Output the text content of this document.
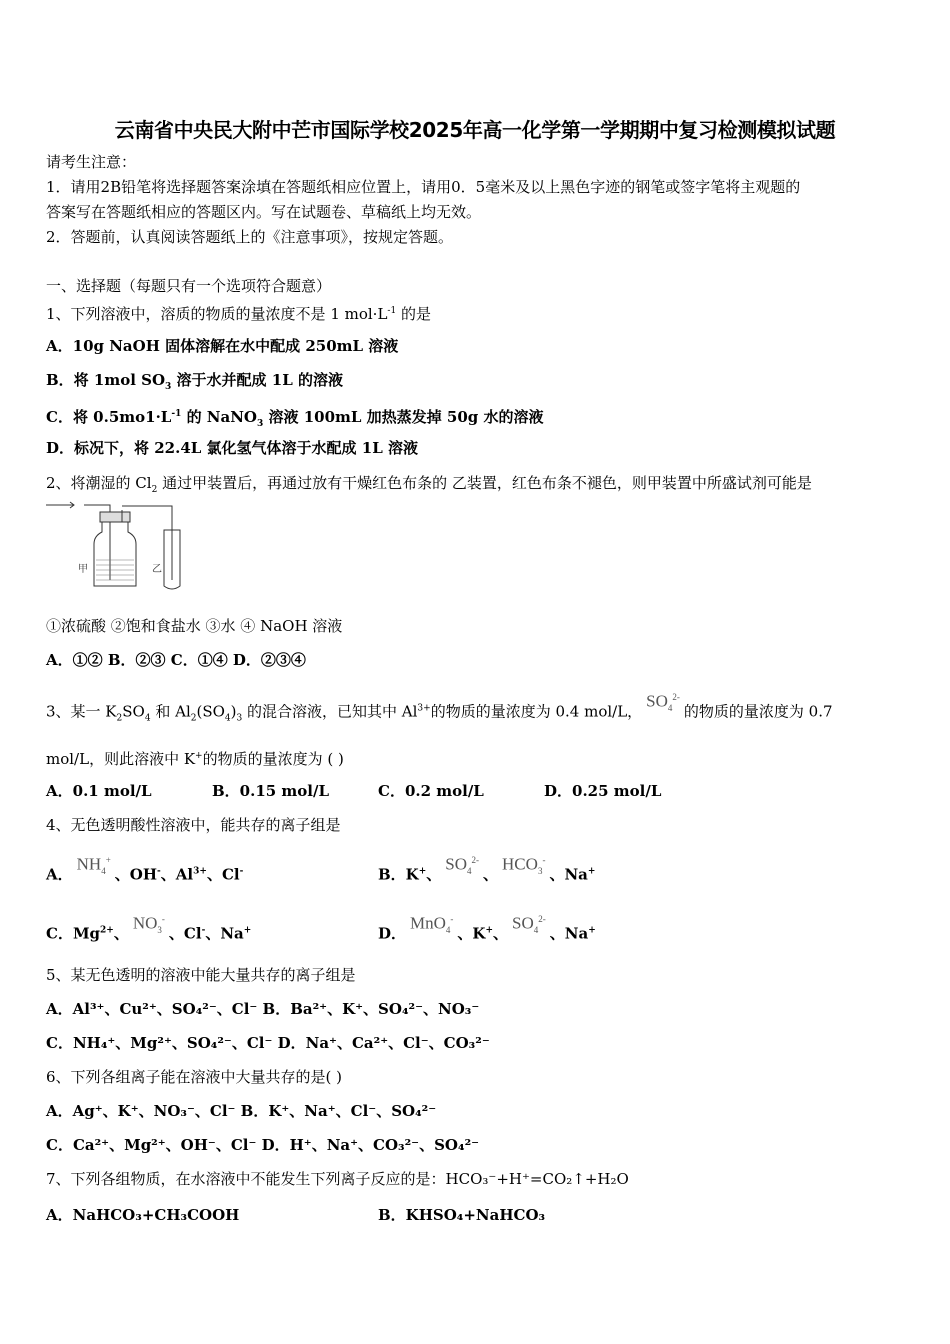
云南省中央民大附中芒市国际学校2025年高一化学第一学期期中复习检测模拟试题
请考生注意：
1．请用2B铅笔将选择题答案涂填在答题纸相应位置上，请用0．5毫米及以上黑色字迹的钢笔或签字笔将主观题的
答案写在答题纸相应的答题区内。写在试题卷、草稿纸上均无效。
2．答题前，认真阅读答题纸上的《注意事项》，按规定答题。
一、选择题（每题只有一个选项符合题意）
1、下列溶液中，溶质的物质的量浓度不是 1 $mol\cdot L^{-1}$ 的是
A．10g NaOH 固体溶解在水中配成 250mL 溶液
B．将 1mol $SO_3$ 溶于水并配成 1L 的溶液
C．将 $0.5mo1\cdot L^{-1}$ 的 NaNO$_3$ 溶液 100mL 加热蒸发掉 50g 水的溶液
D．标况下，将 22.4L 氯化氢气体溶于水配成 1L 溶液
2、将潮湿的 $Cl_2$ 通过甲装置后，再通过放有干燥红色布条的 乙装置，红色布条不褪色，则甲装置中所盛试剂可能是
甲	乙
①浓硫酸 ②饱和食盐水 ③水 ④ NaOH 溶液
A．①② B．②③ C．①④ D．②③④
3、某一 $K_2SO_4$ 和 $Al_2(SO_4)_3$ 的混合溶液，已知其中 $Al^{3+}$的物质的量浓度为 0.4 mol/L，$SO_4^{2-}$的物质的量浓度为 0.7
mol/L，则此溶液中 K+的物质的量浓度为 ( )
A．0.1 mol/L	B．0.15 mol/L	C．0.2 mol/L	D．0.25 mol/L
4、无色透明酸性溶液中，能共存的离子组是
A．$NH_4^+$、OH-、$Al^{3+}$、Cl-	B．K+、$SO_4^{2-}$、$HCO_3^-$、Na+
C．$Mg^{2+}$、$NO_3^-$、Cl-、Na+	D．MnO$_4$-、K+、$SO_4^{2-}$、Na+
5、某无色透明的溶液中能大量共存的离子组是
A．Al³⁺、Cu²⁺、SO₄²⁻、Cl⁻ B．Ba²⁺、K⁺、SO₄²⁻、NO₃⁻
C．NH₄⁺、Mg²⁺、SO₄²⁻、Cl⁻ D．Na⁺、Ca²⁺、Cl⁻、CO₃²⁻
6、下列各组离子能在溶液中大量共存的是( )
A．Ag⁺、K⁺、NO₃⁻、Cl⁻ B．K⁺、Na⁺、Cl⁻、SO₄²⁻
C．Ca²⁺、Mg²⁺、OH⁻、Cl⁻ D．H⁺、Na⁺、CO₃²⁻、SO₄²⁻
7、下列各组物质，在水溶液中不能发生下列离子反应的是：HCO₃⁻+H⁺=CO₂↑+H₂O
A．NaHCO₃+CH₃COOH	B．KHSO₄+NaHCO₃
